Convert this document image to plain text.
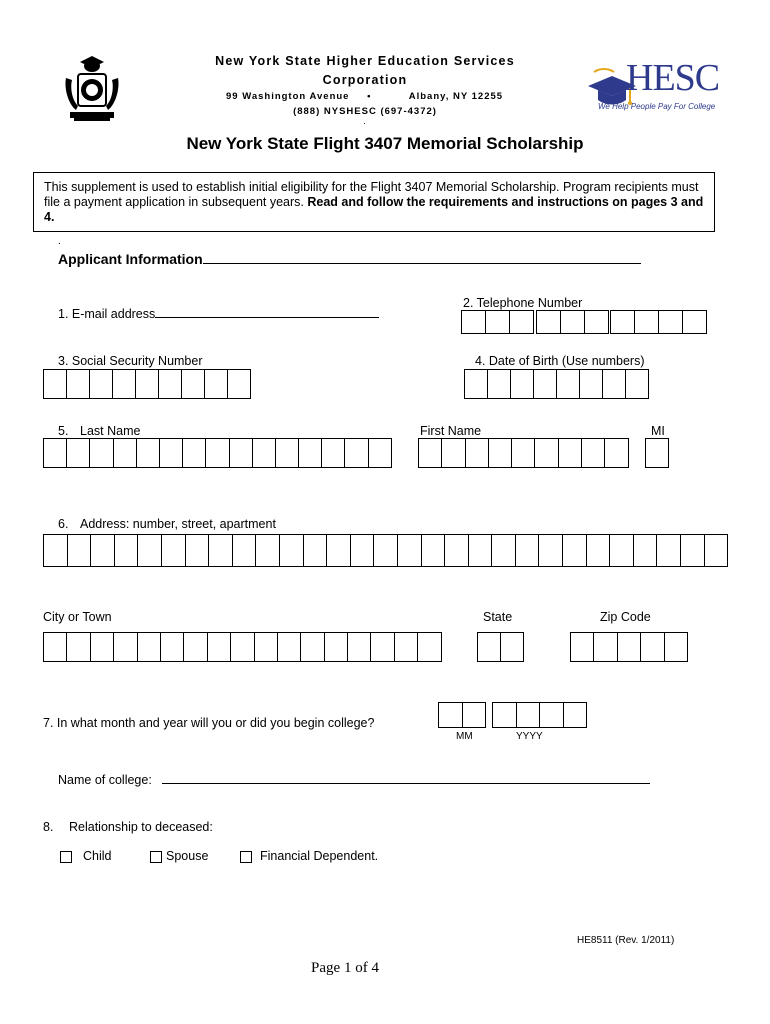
New York State Higher Education Services
Corporation
99 Washington Avenue •	Albany, NY 12255
(888) NYSHESC (697-4372)
.
HESC
We Help People Pay For College
New York State Flight 3407 Memorial Scholarship
This supplement is used to establish initial eligibility for the Flight 3407 Memorial Scholarship. Program recipients must file a payment application in subsequent years. Read and follow the requirements and instructions on pages 3 and 4.
.
Applicant Information
1. E-mail address
2. Telephone Number
3. Social Security Number	4. Date of Birth (Use numbers)
5. Last Name	First Name	MI
6. Address: number, street, apartment
City or Town	State	Zip Code
7. In what month and year will you or did you begin college?
MM	YYYY
Name of college:
8. Relationship to deceased:
Child	Spouse	Financial Dependent.
HE8511 (Rev. 1/2011)
Page 1 of 4
